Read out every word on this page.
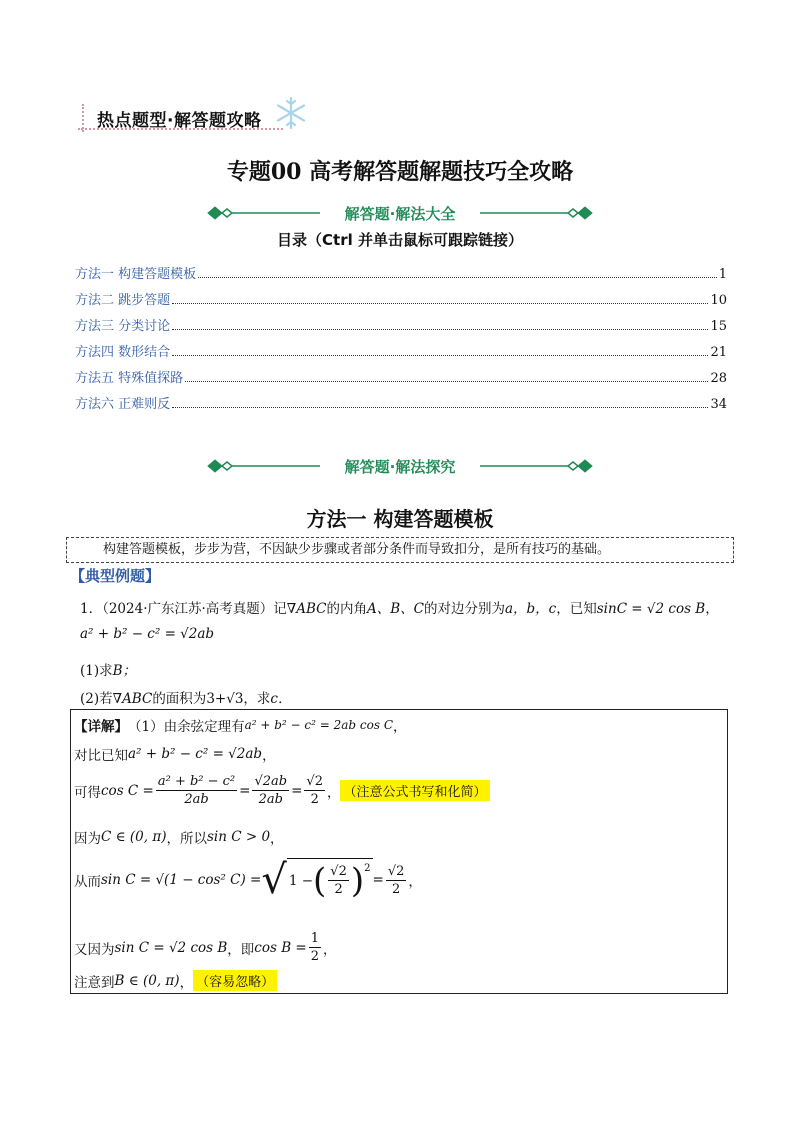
热点题型·解答题攻略
专题00 高考解答题解题技巧全攻略
解答题·解法大全
目录（Ctrl 并单击鼠标可跟踪链接）
方法一 构建答题模板	1
方法二 跳步答题	10
方法三 分类讨论	15
方法四 数形结合	21
方法五 特殊值探路	28
方法六 正难则反	34
解答题·解法探究
方法一 构建答题模板
构建答题模板，步步为营，不因缺少步骤或者部分条件而导致扣分，是所有技巧的基础。
【典型例题】
1．（2024·广东江苏·高考真题）记∇ABC的内角A、B、C的对边分别为a，b，c，已知sinC = √2 cos B，
a² + b² − c² = √2ab
(1)求B；
(2)若∇ABC的面积为3+√3，求c．
【详解】 （1）由余弦定理有 a² + b² − c² = 2ab cos C ，
对比已知 a² + b² − c² = √2ab ，
可得 $\cos C = \frac{\text{a² + b² − c²}}{2ab} = \frac{√2ab}{2ab} = \frac{√2}{2}$ ， （注意公式书写和化简）
因为 C ∈ (0, π) ，所以 sin C > 0 ，
从而 sin C = √(1 − cos² C) = √ 1 − ( $\frac{√2}{2} )^2$
= $\frac{√2}{2}$ ，
又因为 sin C = √2 cos B ，即 $\cos B = \frac{1}{2}$ ，
注意到 B ∈ (0, π) ， （容易忽略）
